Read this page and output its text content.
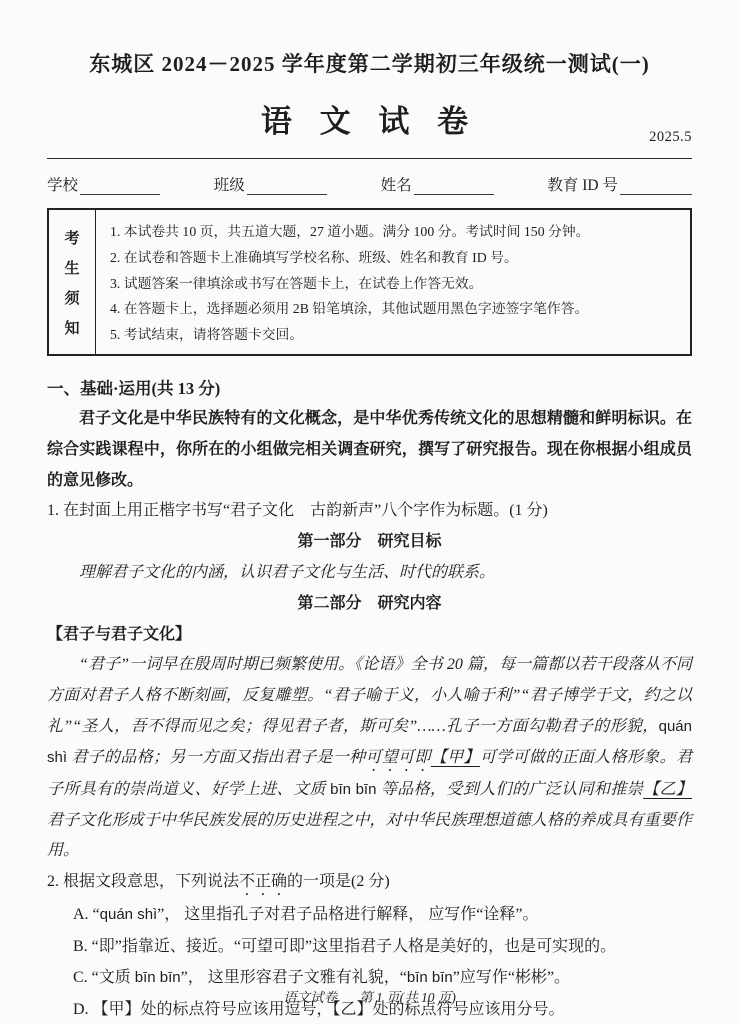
东城区 2024－2025 学年度第二学期初三年级统一测试(一)
语 文 试 卷	2025.5
学校	班级	姓名	教育 ID 号
考
生
须
知

1. 本试卷共 10 页，共五道大题，27 道小题。满分 100 分。考试时间 150 分钟。

2. 在试卷和答题卡上准确填写学校名称、班级、姓名和教育 ID 号。

3. 试题答案一律填涂或书写在答题卡上，在试卷上作答无效。

4. 在答题卡上，选择题必须用 2B 铅笔填涂，其他试题用黑色字迹签字笔作答。

5. 考试结束，请将答题卡交回。

一、基础·运用(共 13 分)

君子文化是中华民族特有的文化概念，是中华优秀传统文化的思想精髓和鲜明标识。在综合实践课程中，你所在的小组做完相关调查研究，撰写了研究报告。现在你根据小组成员的意见修改。

1. 在封面上用正楷字书写“君子文化　古韵新声”八个字作为标题。(1 分)

第一部分　研究目标

理解君子文化的内涵，认识君子文化与生活、时代的联系。

第二部分　研究内容

【君子与君子文化】

“君子”一词早在殷周时期已频繁使用。《论语》全书 20 篇，每一篇都以若干段落从不同方面对君子人格不断刻画，反复雕塑。“君子喻于义，小人喻于利”“君子博学于文，约之以礼”“圣人，吾不得而见之矣；得见君子者，斯可矣”……孔子一方面勾勒君子的形貌，quán shì 君子的品格；另一方面又指出君子是一种可望可即【甲】可学可做的正面人格形象。君子所具有的崇尚道义、好学上进、文质 bīn bīn 等品格，受到人们的广泛认同和推崇【乙】君子文化形成于中华民族发展的历史进程之中，对中华民族理想道德人格的养成具有重要作用。

2. 根据文段意思，下列说法不正确的一项是(2 分)

A. “quán shì”， 这里指孔子对君子品格进行解释， 应写作“诠释”。

B. “即”指靠近、接近。“可望可即”这里指君子人格是美好的，也是可实现的。

C. “文质 bīn bīn”， 这里形容君子文雅有礼貌，“bīn bīn”应写作“彬彬”。

D. 【甲】处的标点符号应该用逗号，【乙】处的标点符号应该用分号。

语文试卷 第 1 页(共 10 页)
